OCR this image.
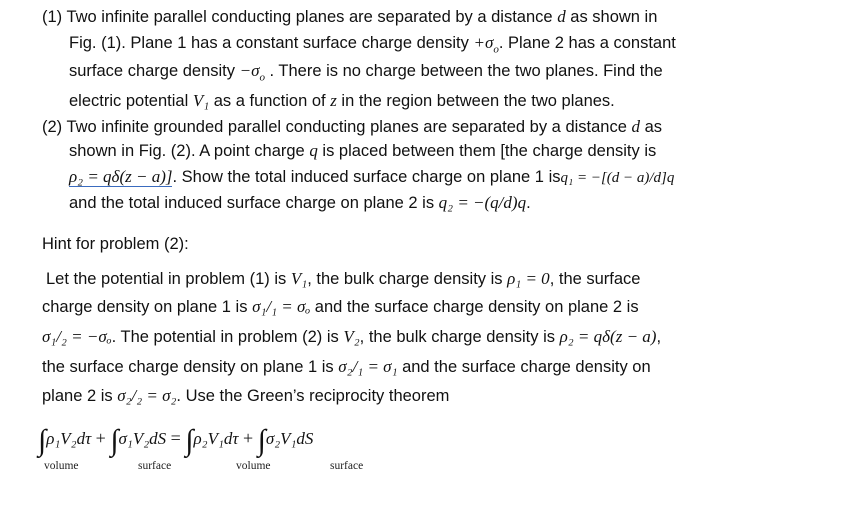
(1) Two infinite parallel conducting planes are separated by a distance d as shown in
Fig. (1). Plane 1 has a constant surface charge density $+\sigma_o$. Plane 2 has a constant
surface charge density $-\sigma_o$ . There is no charge between the two planes. Find the
electric potential V₁ as a function of z in the region between the two planes.
(2) Two infinite grounded parallel conducting planes are separated by a distance d as
shown in Fig. (2). A point charge q is placed between them [the charge density is
ρ₂ = qδ(z − a)]. Show the total induced surface charge on plane 1 isq₁ = −[(d − a)/d]q
and the total induced surface charge on plane 2 is q₂ = −(q/d)q.
Hint for problem (2):
Let the potential in problem (1) is V₁, the bulk charge density is ρ₁ = 0, the surface
charge density on plane 1 is σ₁/₁ = σₒ and the surface charge density on plane 2 is
σ₁/₂ = −σₒ. The potential in problem (2) is V₂, the bulk charge density is ρ₂ = qδ(z − a),
the surface charge density on plane 1 is σ₂/₁ = σ₁ and the surface charge density on
plane 2 is σ₂/₂ = σ₂. Use the Green’s reciprocity theorem
∫ρ₁V₂dτ + ∫σ₁V₂dS = ∫ρ₂V₁dτ + ∫σ₂V₁dS
volume	surface	volume	surface
